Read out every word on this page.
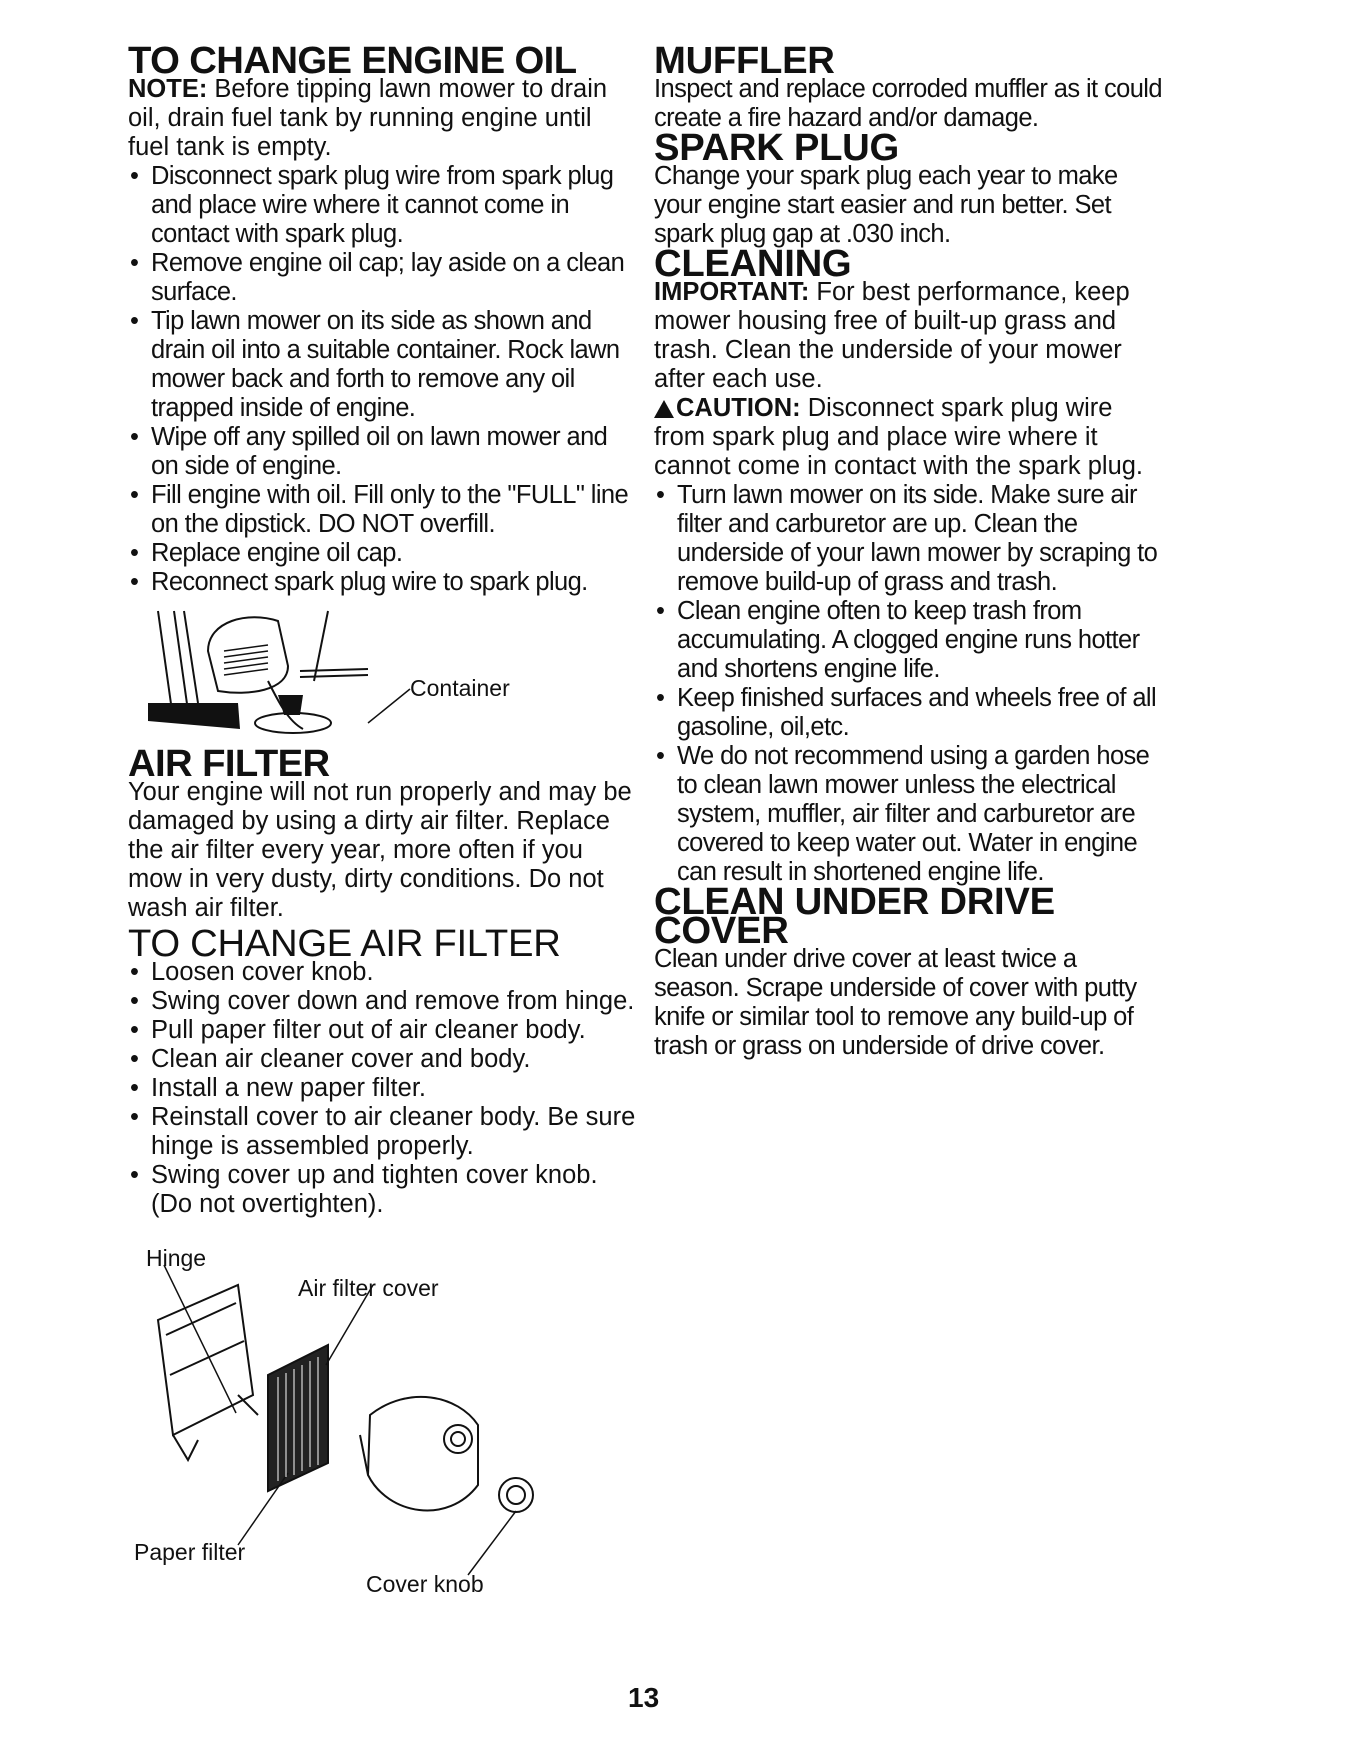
TO CHANGE ENGINE OIL

NOTE: Before tipping lawn mower to drain oil, drain fuel tank by running engine until fuel tank is empty.

• Disconnect spark plug wire from spark plug and place wire where it cannot come in contact with spark plug.
• Remove engine oil cap; lay aside on a clean surface.
• Tip lawn mower on its side as shown and drain oil into a suitable container. Rock lawn mower back and forth to remove any oil trapped inside of engine.
• Wipe off any spilled oil on lawn mower and on side of engine.
• Fill engine with oil. Fill only to the "FULL" line on the dipstick. DO NOT overfill.
• Replace engine oil cap.
• Reconnect spark plug wire to spark plug.
Container
AIR FILTER

Your engine will not run properly and may be damaged by using a dirty air filter. Replace the air filter every year, more often if you mow in very dusty, dirty conditions. Do not wash air filter.

TO CHANGE AIR FILTER
• Loosen cover knob.
• Swing cover down and remove from hinge.
• Pull paper filter out of air cleaner body.
• Clean air cleaner cover and body.
• Install a new paper filter.
• Reinstall cover to air cleaner body. Be sure hinge is assembled properly.
• Swing cover up and tighten cover knob. (Do not overtighten).
Hinge
Air filter cover
Paper filter
Cover knob
MUFFLER

Inspect and replace corroded muffler as it could create a fire hazard and/or damage.

SPARK PLUG

Change your spark plug each year to make your engine start easier and run better. Set spark plug gap at .030 inch.

CLEANING

IMPORTANT: For best performance, keep mower housing free of built-up grass and trash. Clean the underside of your mower after each use.

CAUTION: Disconnect spark plug wire from spark plug and place wire where it cannot come in contact with the spark plug.

• Turn lawn mower on its side. Make sure air filter and carburetor are up. Clean the underside of your lawn mower by scraping to remove build-up of grass and trash.
• Clean engine often to keep trash from accumulating. A clogged engine runs hotter and shortens engine life.
• Keep finished surfaces and wheels free of all gasoline, oil,etc.
• We do not recommend using a garden hose to clean lawn mower unless the electrical system, muffler, air filter and carburetor are covered to keep water out. Water in engine can result in shortened engine life.
CLEAN UNDER DRIVE COVER

Clean under drive cover at least twice a season. Scrape underside of cover with putty knife or similar tool to remove any build-up of trash or grass on underside of drive cover.

13
